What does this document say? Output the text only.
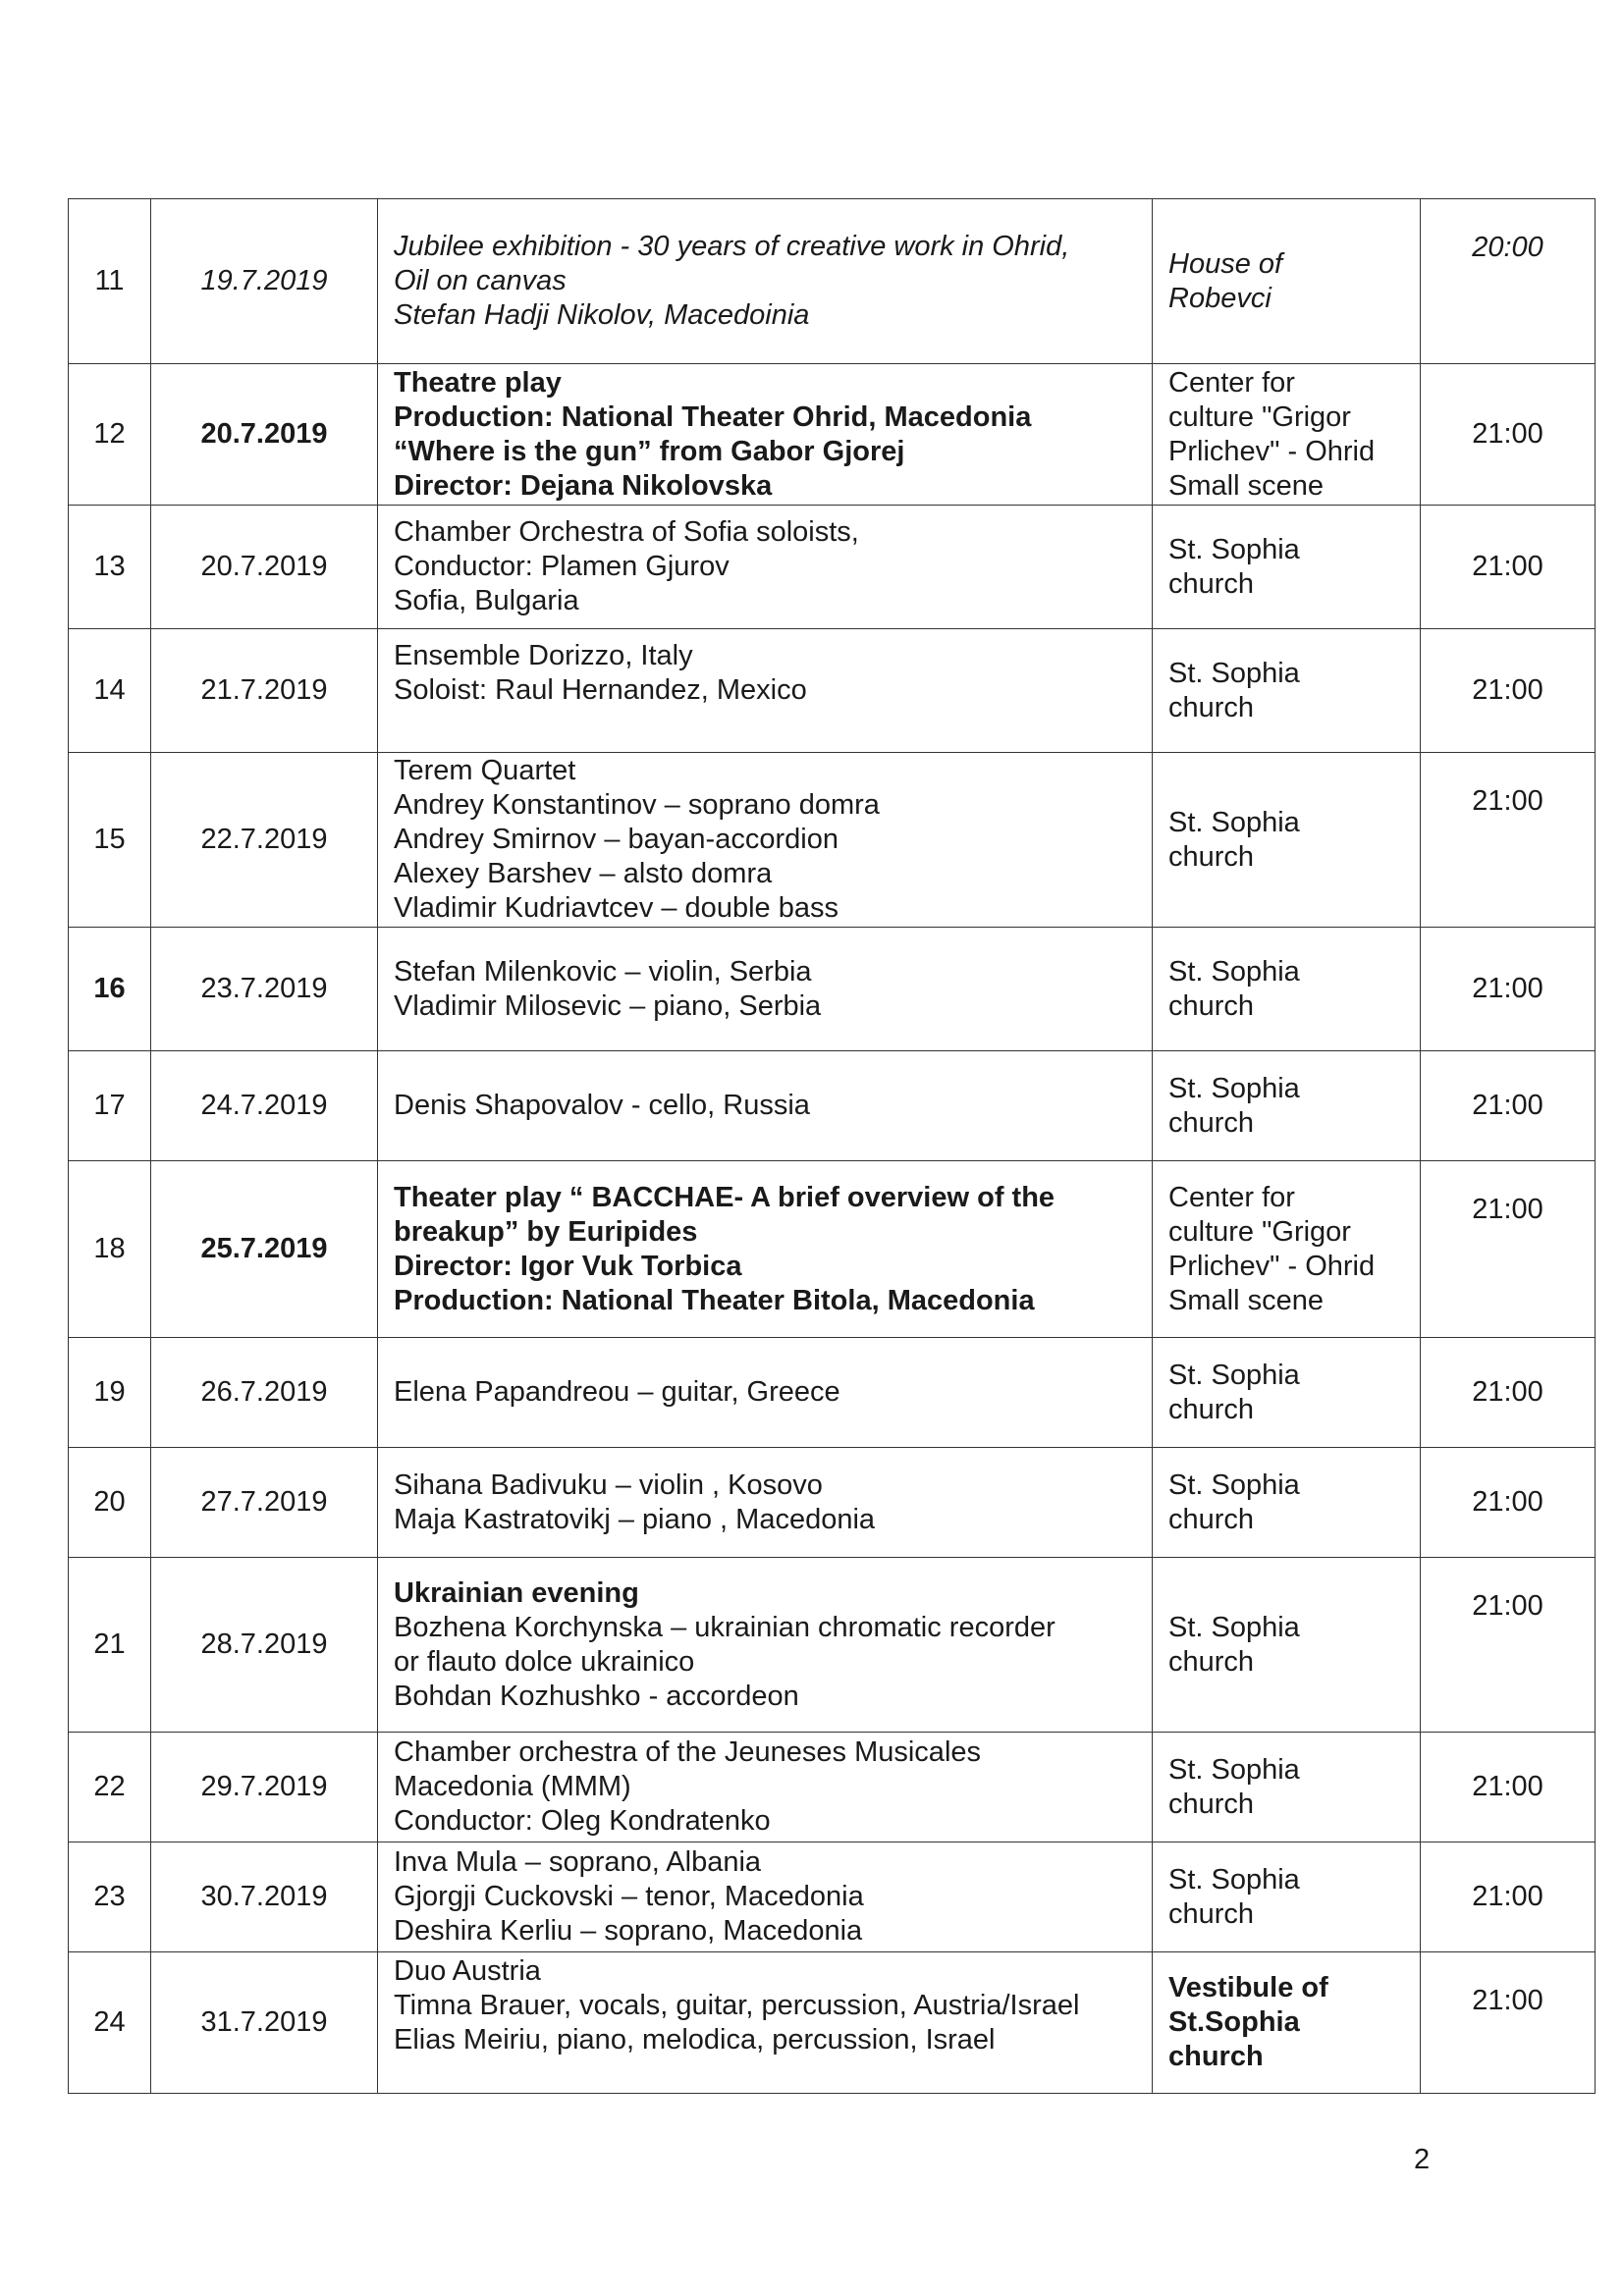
11	19.7.2019	Jubilee exhibition - 30 years of creative work in Ohrid,
Oil on canvas
Stefan Hadji Nikolov, Macedoinia	House of
Robevci	20:00
12	20.7.2019	Theatre play
Production: National Theater Ohrid, Macedonia
“Where is the gun” from Gabor Gjorej
Director: Dejana Nikolovska	Center for
culture "Grigor
Prlichev" - Ohrid
Small scene	21:00
13	20.7.2019	Chamber Orchestra of Sofia soloists,
Conductor: Plamen Gjurov
Sofia, Bulgaria	St. Sophia
church	21:00
14	21.7.2019	Ensemble Dorizzo, Italy
Soloist: Raul Hernandez, Mexico	St. Sophia
church	21:00
15	22.7.2019	Terem Quartet
Andrey Konstantinov – soprano domra
Andrey Smirnov – bayan-accordion
Alexey Barshev – alsto domra
Vladimir Kudriavtcev – double bass	St. Sophia
church	21:00
16	23.7.2019	Stefan Milenkovic – violin, Serbia
Vladimir Milosevic – piano, Serbia	St. Sophia
church	21:00
17	24.7.2019	Denis Shapovalov - cello, Russia	St. Sophia
church	21:00
18	25.7.2019	Theater play “ BACCHAE- A brief overview of the
breakup” by Euripides
Director: Igor Vuk Torbica
Production: National Theater Bitola, Macedonia	Center for
culture "Grigor
Prlichev" - Ohrid
Small scene	21:00
19	26.7.2019	Elena Papandreou – guitar, Greece	St. Sophia
church	21:00
20	27.7.2019	Sihana Badivuku – violin , Kosovo
Maja Kastratovikj – piano , Macedonia	St. Sophia
church	21:00
21	28.7.2019	Ukrainian evening
Bozhena Korchynska – ukrainian chromatic recorder
or flauto dolce ukrainico
Bohdan Kozhushko - accordeon	St. Sophia
church	21:00
22	29.7.2019	Chamber orchestra of the Jeuneses Musicales
Macedonia (MMM)
Conductor: Oleg Kondratenko	St. Sophia
church	21:00
23	30.7.2019	Inva Mula – soprano, Albania
Gjorgji Cuckovski – tenor, Macedonia
Deshira Kerliu – soprano, Macedonia	St. Sophia
church	21:00
24	31.7.2019	Duo Austria
Timna Brauer, vocals, guitar, percussion, Austria/Israel
Elias Meiriu, piano, melodica, percussion, Israel	Vestibule of
St.Sophia
church	21:00
2
